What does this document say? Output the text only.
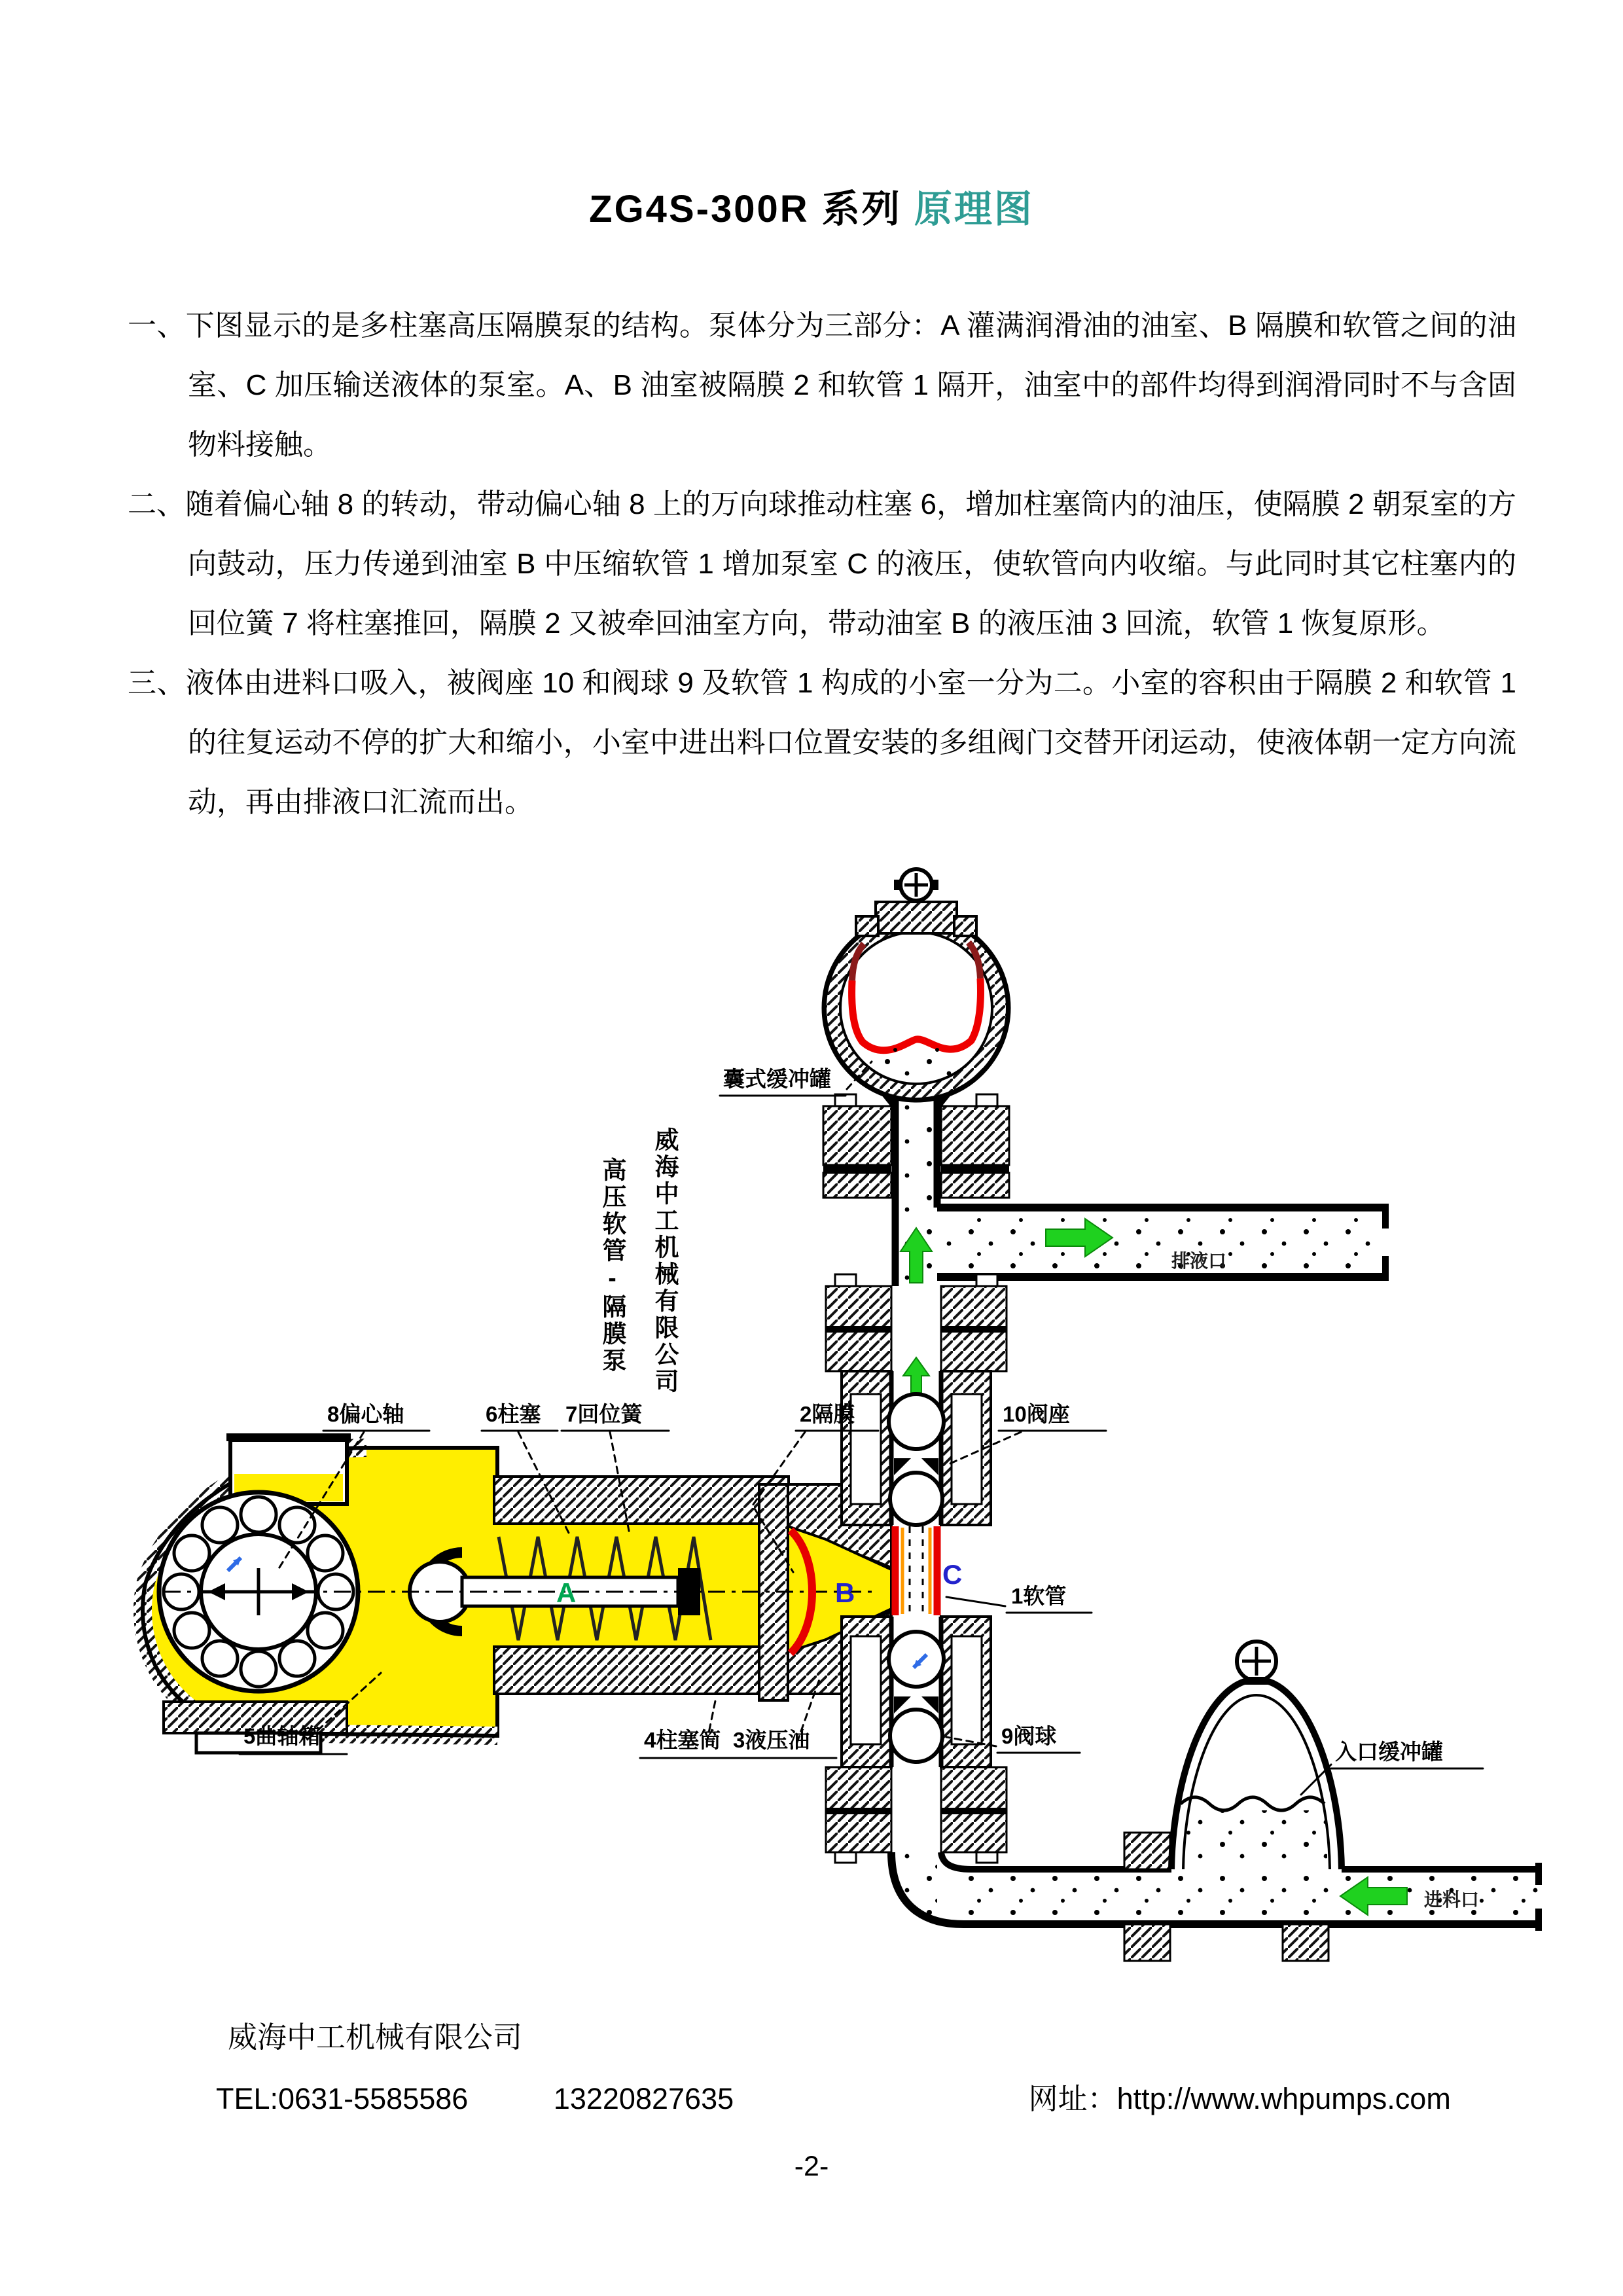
ZG4S-300R 系列 原理图

一、下图显示的是多柱塞高压隔膜泵的结构。泵体分为三部分：A 灌满润滑油的油室、B 隔膜和软管之间的油室、C 加压输送液体的泵室。A、B 油室被隔膜 2 和软管 1 隔开，油室中的部件均得到润滑同时不与含固物料接触。

二、随着偏心轴 8 的转动，带动偏心轴 8 上的万向球推动柱塞 6，增加柱塞筒内的油压，使隔膜 2 朝泵室的方向鼓动，压力传递到油室 B 中压缩软管 1 增加泵室 C 的液压，使软管向内收缩。与此同时其它柱塞内的回位簧 7 将柱塞推回，隔膜 2 又被牵回油室方向，带动油室 B 的液压油 3 回流，软管 1 恢复原形。

三、液体由进料口吸入，被阀座 10 和阀球 9 及软管 1 构成的小室一分为二。小室的容积由于隔膜 2 和软管 1 的往复运动不停的扩大和缩小，小室中进出料口位置安装的多组阀门交替开闭运动，使液体朝一定方向流动，再由排液口汇流而出。

A	B
排液口
C
进料口
囊式缓冲罐
入口缓冲罐
8偏心轴	6柱塞 7回位簧	2隔膜	10阀座
5曲轴箱	4柱塞筒 3液压油	9阀球
1软管
威海中工机械有限公司
高压软管-隔膜泵
威海中工机械有限公司
TEL:0631-5585586	13220827635	网址：http://www.whpumps.com
-2-
